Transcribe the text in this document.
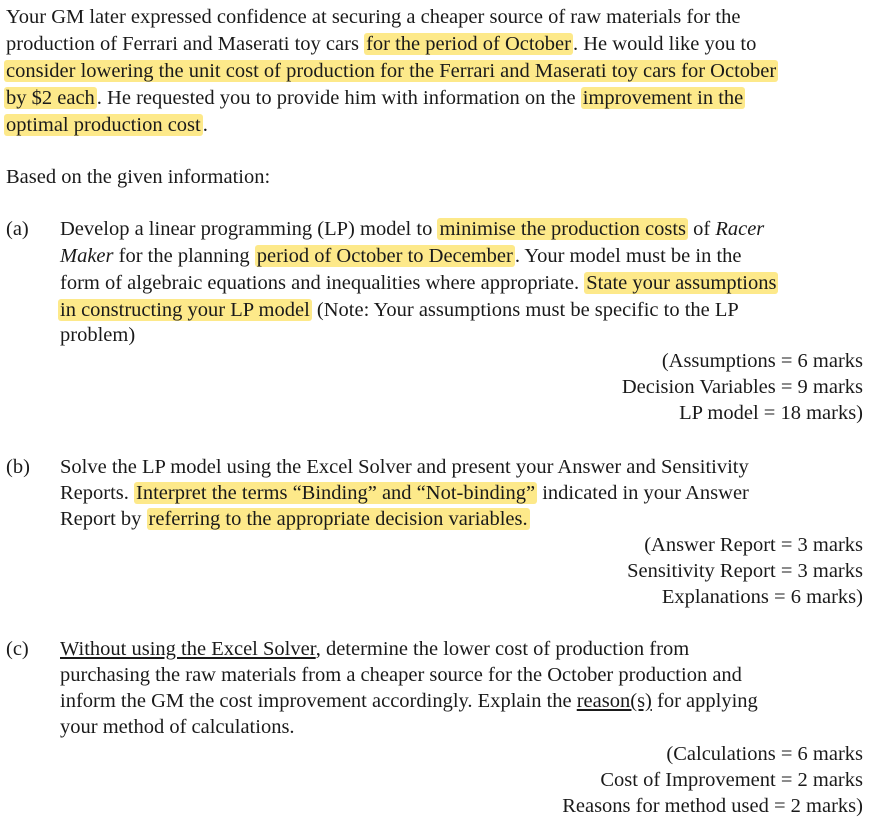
Your GM later expressed confidence at securing a cheaper source of raw materials for the
production of Ferrari and Maserati toy cars for the period of October. He would like you to
consider lowering the unit cost of production for the Ferrari and Maserati toy cars for October
by $2 each. He requested you to provide him with information on the improvement in the
optimal production cost.
Based on the given information:
(a) Develop a linear programming (LP) model to minimise the production costs of Racer
Maker for the planning period of October to December. Your model must be in the
form of algebraic equations and inequalities where appropriate. State your assumptions
in constructing your LP model (Note: Your assumptions must be specific to the LP
problem)
(Assumptions = 6 marks
Decision Variables = 9 marks
LP model = 18 marks)
(b) Solve the LP model using the Excel Solver and present your Answer and Sensitivity
Reports. Interpret the terms “Binding” and “Not-binding” indicated in your Answer
Report by referring to the appropriate decision variables.
(Answer Report = 3 marks
Sensitivity Report = 3 marks
Explanations = 6 marks)
(c) Without using the Excel Solver, determine the lower cost of production from
purchasing the raw materials from a cheaper source for the October production and
inform the GM the cost improvement accordingly. Explain the reason(s) for applying
your method of calculations.
(Calculations = 6 marks
Cost of Improvement = 2 marks
Reasons for method used = 2 marks)
